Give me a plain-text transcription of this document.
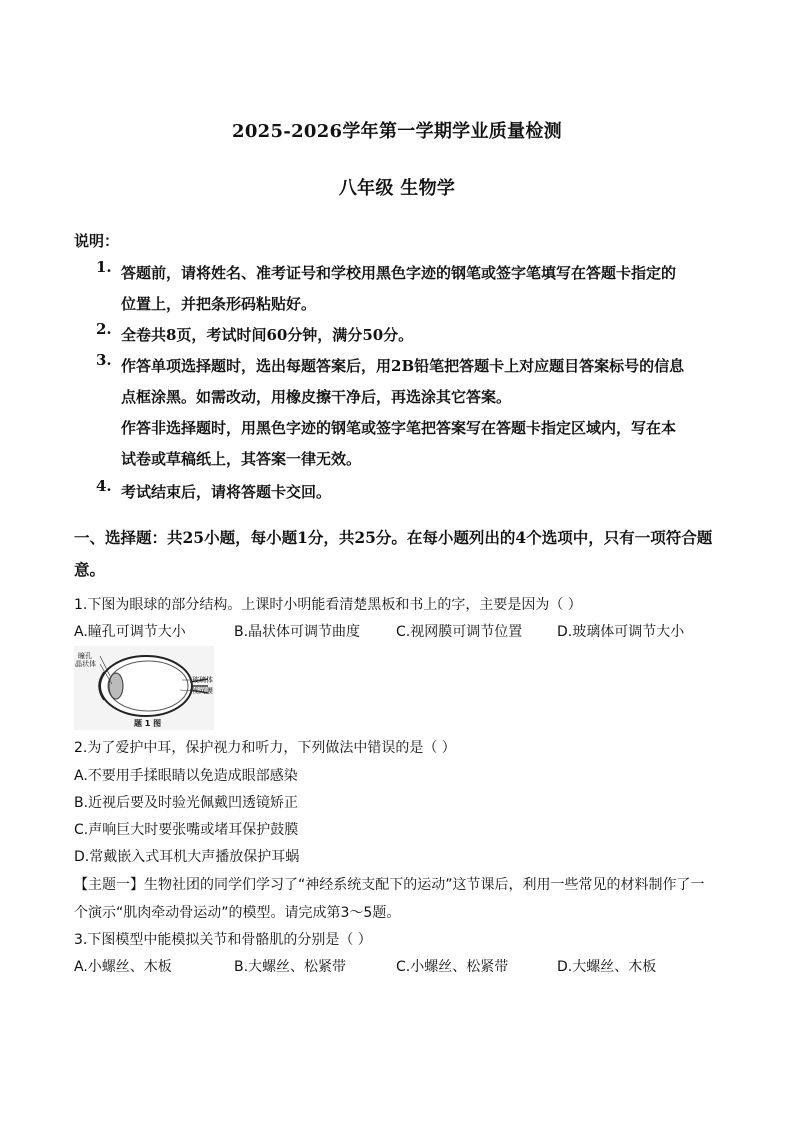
2025-2026学年第一学期学业质量检测
八年级 生物学
说明：
1. 答题前，请将姓名、准考证号和学校用黑色字迹的钢笔或签字笔填写在答题卡指定的
位置上，并把条形码粘贴好。
2. 全卷共8页，考试时间60分钟，满分50分。
3. 作答单项选择题时，选出每题答案后，用2B铅笔把答题卡上对应题目答案标号的信息
点框涂黑。如需改动，用橡皮擦干净后，再选涂其它答案。
作答非选择题时，用黑色字迹的钢笔或签字笔把答案写在答题卡指定区域内，写在本
试卷或草稿纸上，其答案一律无效。
4. 考试结束后，请将答题卡交回。
一、选择题：共25小题，每小题1分，共25分。在每小题列出的4个选项中，只有一项符合题
意。
1.下图为眼球的部分结构。上课时小明能看清楚黑板和书上的字，主要是因为（ ）
A.瞳孔可调节大小	B.晶状体可调节曲度	C.视网膜可调节位置 D.玻璃体可调节大小
瞳孔
晶状体
玻璃体
视网膜
题 1 图
2.为了爱护中耳，保护视力和听力，下列做法中错误的是（ ）
A.不要用手揉眼睛以免造成眼部感染
B.近视后要及时验光佩戴凹透镜矫正
C.声响巨大时要张嘴或堵耳保护鼓膜
D.常戴嵌入式耳机大声播放保护耳蜗
【主题一】生物社团的同学们学习了“神经系统支配下的运动”这节课后，利用一些常见的材料制作了一
个演示“肌肉牵动骨运动”的模型。请完成第3～5题。
3.下图模型中能模拟关节和骨骼肌的分别是（ ）
A.小螺丝、木板	B.大螺丝、松紧带	C.小螺丝、松紧带	D.大螺丝、木板
